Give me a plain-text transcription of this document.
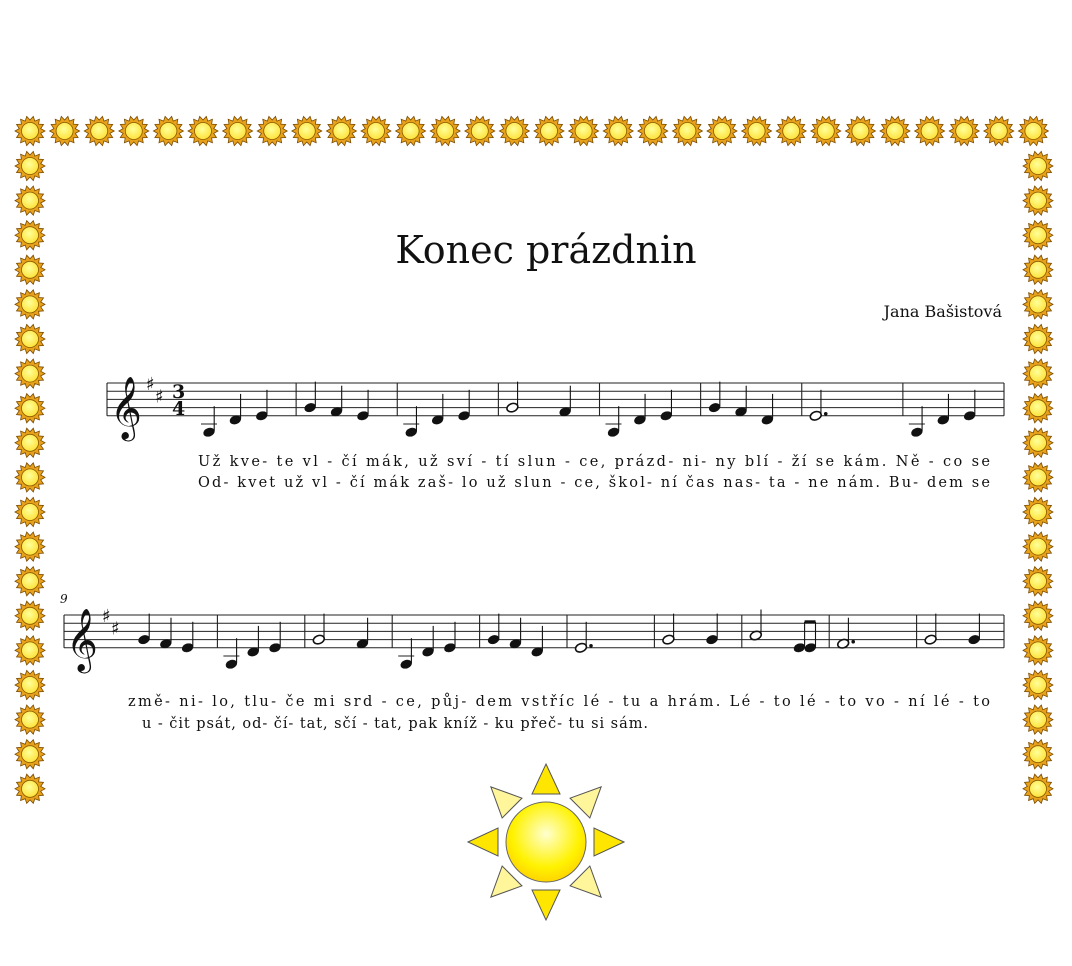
𝄞 ♯
♯ 3
4
Už kve- te vl - čí mák, už sví - tí slun - ce, prázd- ni- ny blí - ží se kám. Ně - co se
Od- kvet už vl - čí mák zaš- lo už slun - ce, škol- ní čas nas- ta - ne nám. Bu- dem se
9
𝄞 ♯
♯
změ- ni- lo, tlu- če mi srd - ce, půj- dem vstříc lé - tu a hrám. Lé - to lé - to vo - ní lé - to
u - čit psát, od- čí- tat, sčí - tat, pak kníž - ku přeč- tu si sám.
Konec prázdnin
Jana Bašistová
